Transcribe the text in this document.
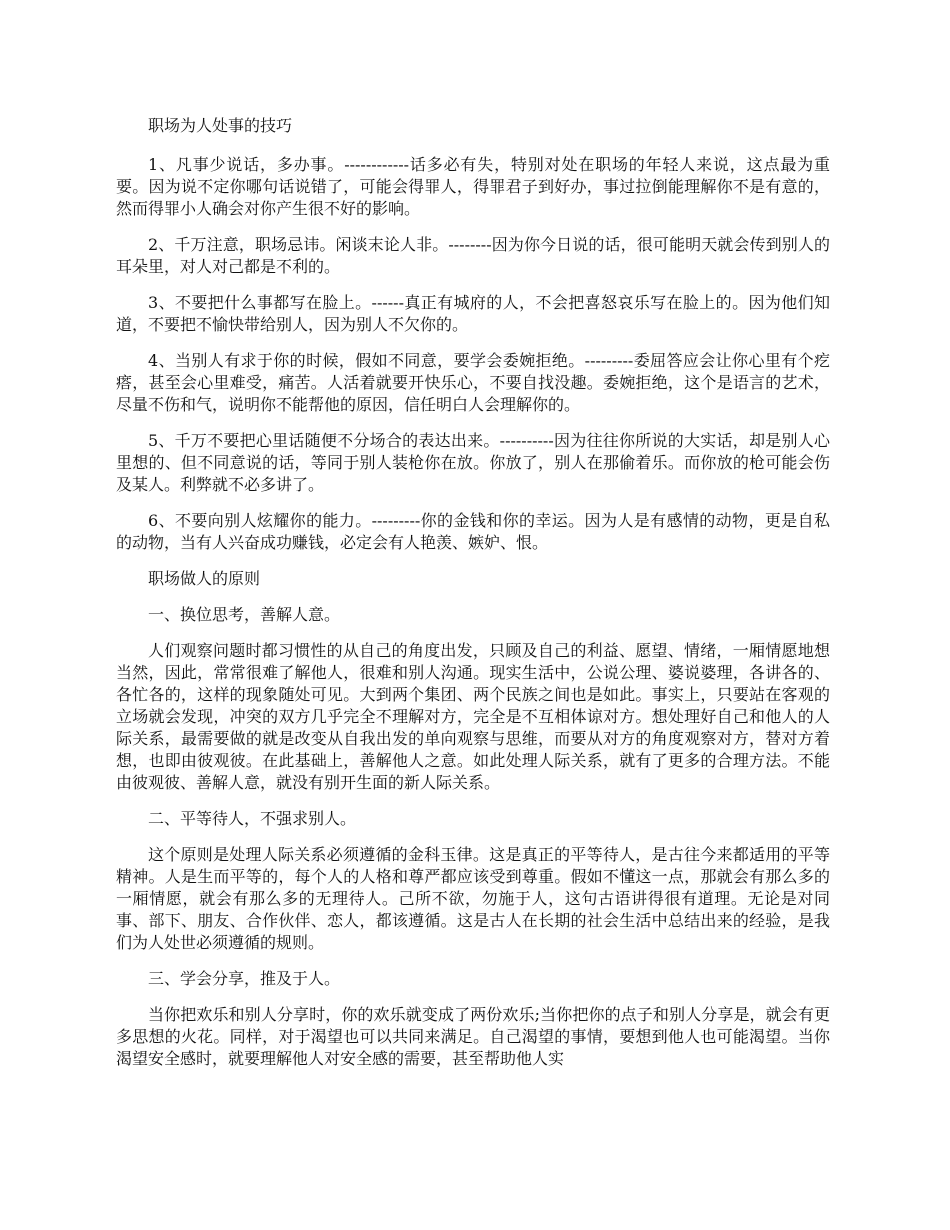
职场为人处事的技巧

1、凡事少说话，多办事。------------话多必有失，特别对处在职场的年轻人来说，这点最为重要。因为说不定你哪句话说错了，可能会得罪人，得罪君子到好办，事过拉倒能理解你不是有意的，然而得罪小人确会对你产生很不好的影响。

2、千万注意，职场忌讳。闲谈末论人非。--------因为你今日说的话，很可能明天就会传到别人的耳朵里，对人对己都是不利的。

3、不要把什么事都写在脸上。------真正有城府的人，不会把喜怒哀乐写在脸上的。因为他们知道，不要把不愉快带给别人，因为别人不欠你的。

4、当别人有求于你的时候，假如不同意，要学会委婉拒绝。---------委屈答应会让你心里有个疙瘩，甚至会心里难受，痛苦。人活着就要开快乐心，不要自找没趣。委婉拒绝，这个是语言的艺术，尽量不伤和气，说明你不能帮他的原因，信任明白人会理解你的。

5、千万不要把心里话随便不分场合的表达出来。----------因为往往你所说的大实话，却是别人心里想的、但不同意说的话，等同于别人装枪你在放。你放了，别人在那偷着乐。而你放的枪可能会伤及某人。利弊就不必多讲了。

6、不要向别人炫耀你的能力。---------你的金钱和你的幸运。因为人是有感情的动物，更是自私的动物，当有人兴奋成功赚钱，必定会有人艳羡、嫉妒、恨。

职场做人的原则

一、换位思考，善解人意。

人们观察问题时都习惯性的从自己的角度出发，只顾及自己的利益、愿望、情绪，一厢情愿地想当然，因此，常常很难了解他人，很难和别人沟通。现实生活中，公说公理、婆说婆理，各讲各的、各忙各的，这样的现象随处可见。大到两个集团、两个民族之间也是如此。事实上，只要站在客观的立场就会发现，冲突的双方几乎完全不理解对方，完全是不互相体谅对方。想处理好自己和他人的人际关系，最需要做的就是改变从自我出发的单向观察与思维，而要从对方的角度观察对方，替对方着想，也即由彼观彼。在此基础上，善解他人之意。如此处理人际关系，就有了更多的合理方法。不能由彼观彼、善解人意，就没有别开生面的新人际关系。

二、平等待人，不强求别人。

这个原则是处理人际关系必须遵循的金科玉律。这是真正的平等待人，是古往今来都适用的平等精神。人是生而平等的，每个人的人格和尊严都应该受到尊重。假如不懂这一点，那就会有那么多的一厢情愿，就会有那么多的无理待人。己所不欲，勿施于人，这句古语讲得很有道理。无论是对同事、部下、朋友、合作伙伴、恋人，都该遵循。这是古人在长期的社会生活中总结出来的经验，是我们为人处世必须遵循的规则。

三、学会分享，推及于人。

当你把欢乐和别人分享时，你的欢乐就变成了两份欢乐;当你把你的点子和别人分享是，就会有更多思想的火花。同样，对于渴望也可以共同来满足。自己渴望的事情，要想到他人也可能渴望。当你渴望安全感时，就要理解他人对安全感的需要，甚至帮助他人实
